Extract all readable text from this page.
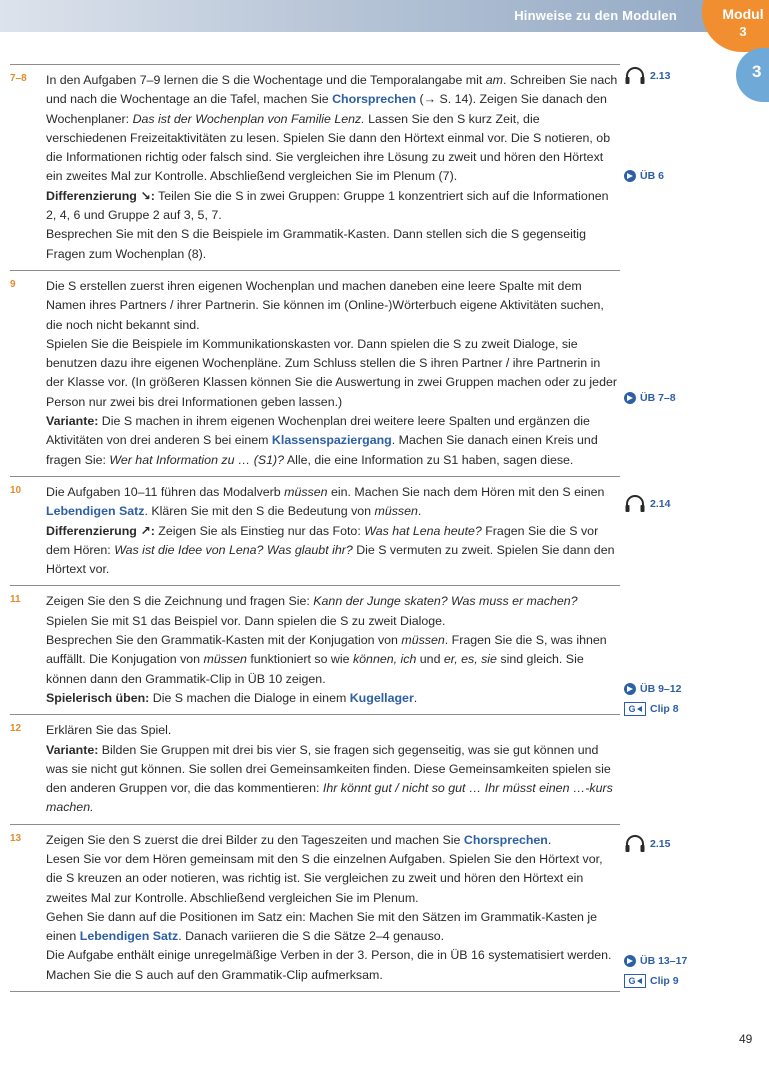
Hinweise zu den Modulen	Modul
3
3
7–8	In den Aufgaben 7–9 lernen die S die Wochentage und die Temporalangabe mit am. Schreiben Sie nach und nach die Wochentage an die Tafel, machen Sie Chorsprechen (→ S. 14). Zeigen Sie danach den Wochenplaner: Das ist der Wochenplan von Familie Lenz. Lassen Sie den S kurz Zeit, die verschiedenen Freizeitaktivitäten zu lesen. Spielen Sie dann den Hörtext einmal vor. Die S notieren, ob die Informationen richtig oder falsch sind. Sie vergleichen ihre Lösung zu zweit und hören den Hörtext ein zweites Mal zur Kontrolle. Abschließend vergleichen Sie im Plenum (7).

Differenzierung ↘: Teilen Sie die S in zwei Gruppen: Gruppe 1 konzentriert sich auf die Informationen 2, 4, 6 und Gruppe 2 auf 3, 5, 7.

Besprechen Sie mit den S die Beispiele im Grammatik-Kasten. Dann stellen sich die S gegenseitig Fragen zum Wochenplan (8).

9	Die S erstellen zuerst ihren eigenen Wochenplan und machen daneben eine leere Spalte mit dem Namen ihres Partners / ihrer Partnerin. Sie können im (Online-)Wörterbuch eigene Aktivitäten suchen, die noch nicht bekannt sind.

Spielen Sie die Beispiele im Kommunikationskasten vor. Dann spielen die S zu zweit Dialoge, sie benutzen dazu ihre eigenen Wochenpläne. Zum Schluss stellen die S ihren Partner / ihre Partnerin in der Klasse vor. (In größeren Klassen können Sie die Auswertung in zwei Gruppen machen oder zu jeder Person nur zwei bis drei Informationen geben lassen.)

Variante: Die S machen in ihrem eigenen Wochenplan drei weitere leere Spalten und ergänzen die Aktivitäten von drei anderen S bei einem Klassenspaziergang. Machen Sie danach einen Kreis und fragen Sie: Wer hat Information zu … (S1)? Alle, die eine Information zu S1 haben, sagen diese.

10	Die Aufgaben 10–11 führen das Modalverb müssen ein. Machen Sie nach dem Hören mit den S einen Lebendigen Satz. Klären Sie mit den S die Bedeutung von müssen.

Differenzierung ↗: Zeigen Sie als Einstieg nur das Foto: Was hat Lena heute? Fragen Sie die S vor dem Hören: Was ist die Idee von Lena? Was glaubt ihr? Die S vermuten zu zweit. Spielen Sie dann den Hörtext vor.

11	Zeigen Sie den S die Zeichnung und fragen Sie: Kann der Junge skaten? Was muss er machen?

Spielen Sie mit S1 das Beispiel vor. Dann spielen die S zu zweit Dialoge.

Besprechen Sie den Grammatik-Kasten mit der Konjugation von müssen. Fragen Sie die S, was ihnen auffällt. Die Konjugation von müssen funktioniert so wie können, ich und er, es, sie sind gleich. Sie können dann den Grammatik-Clip in ÜB 10 zeigen.

Spielerisch üben: Die S machen die Dialoge in einem Kugellager.

12	Erklären Sie das Spiel.

Variante: Bilden Sie Gruppen mit drei bis vier S, sie fragen sich gegenseitig, was sie gut können und was sie nicht gut können. Sie sollen drei Gemeinsamkeiten finden. Diese Gemeinsamkeiten spielen sie den anderen Gruppen vor, die das kommentieren: Ihr könnt gut / nicht so gut … Ihr müsst einen …-kurs machen.

13	Zeigen Sie den S zuerst die drei Bilder zu den Tageszeiten und machen Sie Chorsprechen.

Lesen Sie vor dem Hören gemeinsam mit den S die einzelnen Aufgaben. Spielen Sie den Hörtext vor, die S kreuzen an oder notieren, was richtig ist. Sie vergleichen zu zweit und hören den Hörtext ein zweites Mal zur Kontrolle. Abschließend vergleichen Sie im Plenum.

Gehen Sie dann auf die Positionen im Satz ein: Machen Sie mit den Sätzen im Grammatik-Kasten je einen Lebendigen Satz. Danach variieren die S die Sätze 2–4 genauso.

Die Aufgabe enthält einige unregelmäßige Verben in der 3. Person, die in ÜB 16 systematisiert werden. Machen Sie die S auch auf den Grammatik-Clip aufmerksam.

2.13
ÜB 6
ÜB 7–8
2.14
ÜB 9–12
G	Clip 8
2.15
ÜB 13–17
G	Clip 9
49
